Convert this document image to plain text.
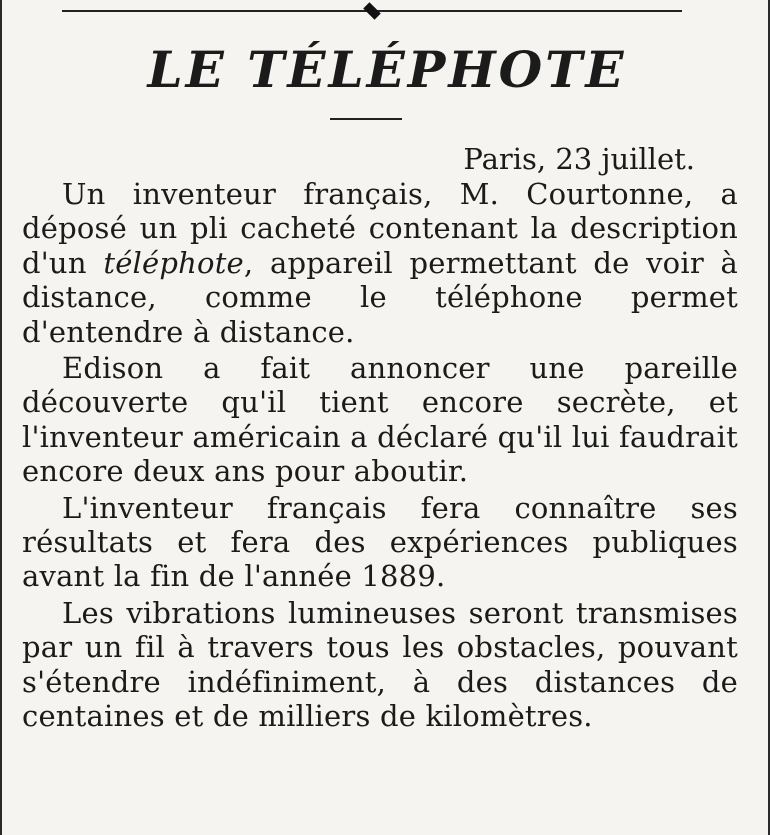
LE TÉLÉPHOTE

Paris, 23 juillet.

Un inventeur français, M. Courtonne, a déposé un pli cacheté contenant la description d'un téléphote, appareil permettant de voir à distance, comme le téléphone permet d'entendre à distance.

Edison a fait annoncer une pareille découverte qu'il tient encore secrète, et l'inventeur américain a déclaré qu'il lui faudrait encore deux ans pour aboutir.

L'inventeur français fera connaître ses résultats et fera des expériences publiques avant la fin de l'année 1889.

Les vibrations lumineuses seront transmises par un fil à travers tous les obstacles, pouvant s'étendre indéfiniment, à des distances de centaines et de milliers de kilomètres.
